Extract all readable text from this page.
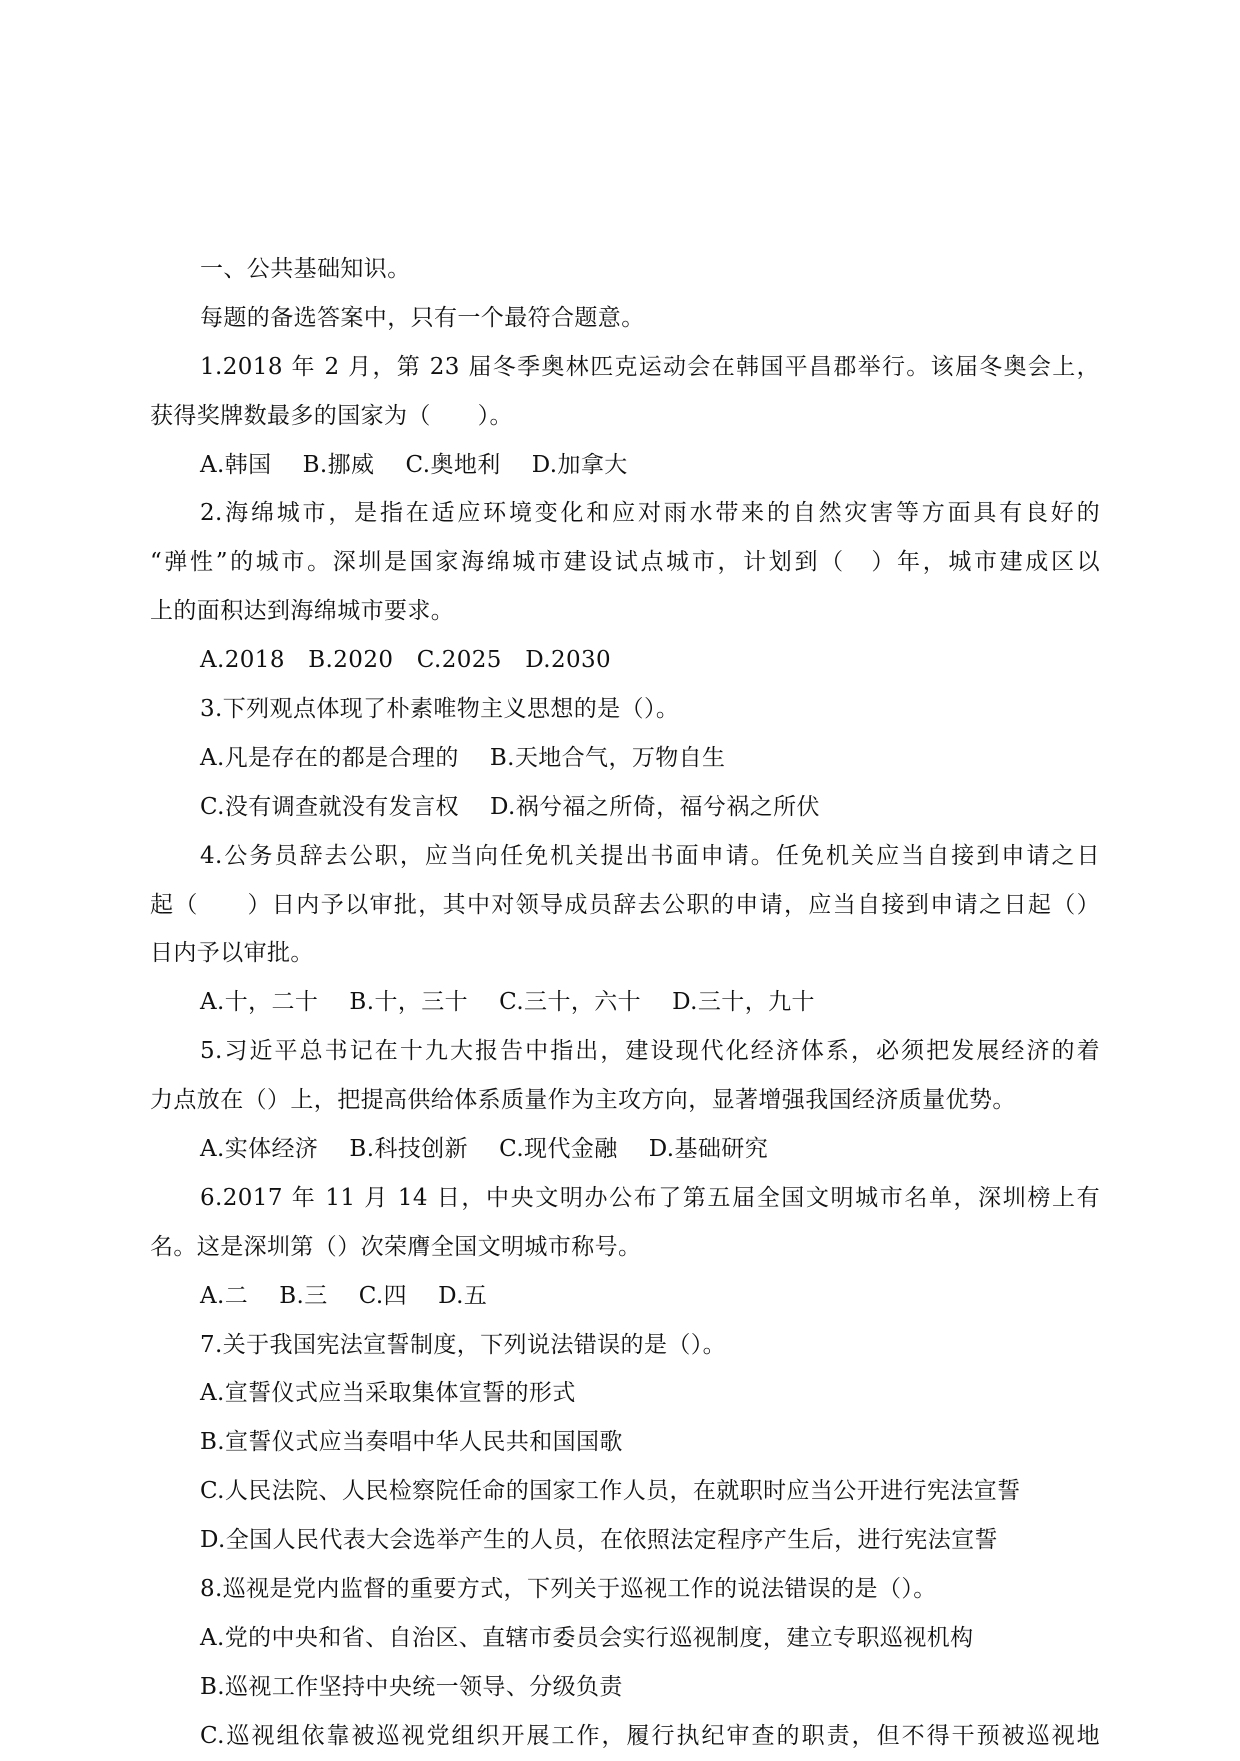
一、公共基础知识。
每题的备选答案中，只有一个最符合题意。
1.2018 年 2 月，第 23 届冬季奥林匹克运动会在韩国平昌郡举行。该届冬奥会上，
获得奖牌数最多的国家为（　　）。
A.韩国　 B.挪威　 C.奥地利　 D.加拿大
2.海绵城市，是指在适应环境变化和应对雨水带来的自然灾害等方面具有良好的
“弹性”的城市。深圳是国家海绵城市建设试点城市，计划到（　）年，城市建成区以
上的面积达到海绵城市要求。
A.2018　B.2020　C.2025　D.2030
3.下列观点体现了朴素唯物主义思想的是（）。
A.凡是存在的都是合理的　 B.天地合气，万物自生
C.没有调查就没有发言权　 D.祸兮福之所倚，福兮祸之所伏
4.公务员辞去公职，应当向任免机关提出书面申请。任免机关应当自接到申请之日
起（　　）日内予以审批，其中对领导成员辞去公职的申请，应当自接到申请之日起（）
日内予以审批。
A.十，二十　 B.十，三十　 C.三十，六十　 D.三十，九十
5.习近平总书记在十九大报告中指出，建设现代化经济体系，必须把发展经济的着
力点放在（）上，把提高供给体系质量作为主攻方向，显著增强我国经济质量优势。
A.实体经济　 B.科技创新　 C.现代金融　 D.基础研究
6.2017 年 11 月 14 日，中央文明办公布了第五届全国文明城市名单，深圳榜上有
名。这是深圳第（）次荣膺全国文明城市称号。
A.二　 B.三　 C.四　 D.五
7.关于我国宪法宣誓制度，下列说法错误的是（）。
A.宣誓仪式应当采取集体宣誓的形式
B.宣誓仪式应当奏唱中华人民共和国国歌
C.人民法院、人民检察院任命的国家工作人员，在就职时应当公开进行宪法宣誓
D.全国人民代表大会选举产生的人员，在依照法定程序产生后，进行宪法宣誓
8.巡视是党内监督的重要方式，下列关于巡视工作的说法错误的是（）。
A.党的中央和省、自治区、直辖市委员会实行巡视制度，建立专职巡视机构
B.巡视工作坚持中央统一领导、分级负责
C.巡视组依靠被巡视党组织开展工作，履行执纪审查的职责，但不得干预被巡视地
